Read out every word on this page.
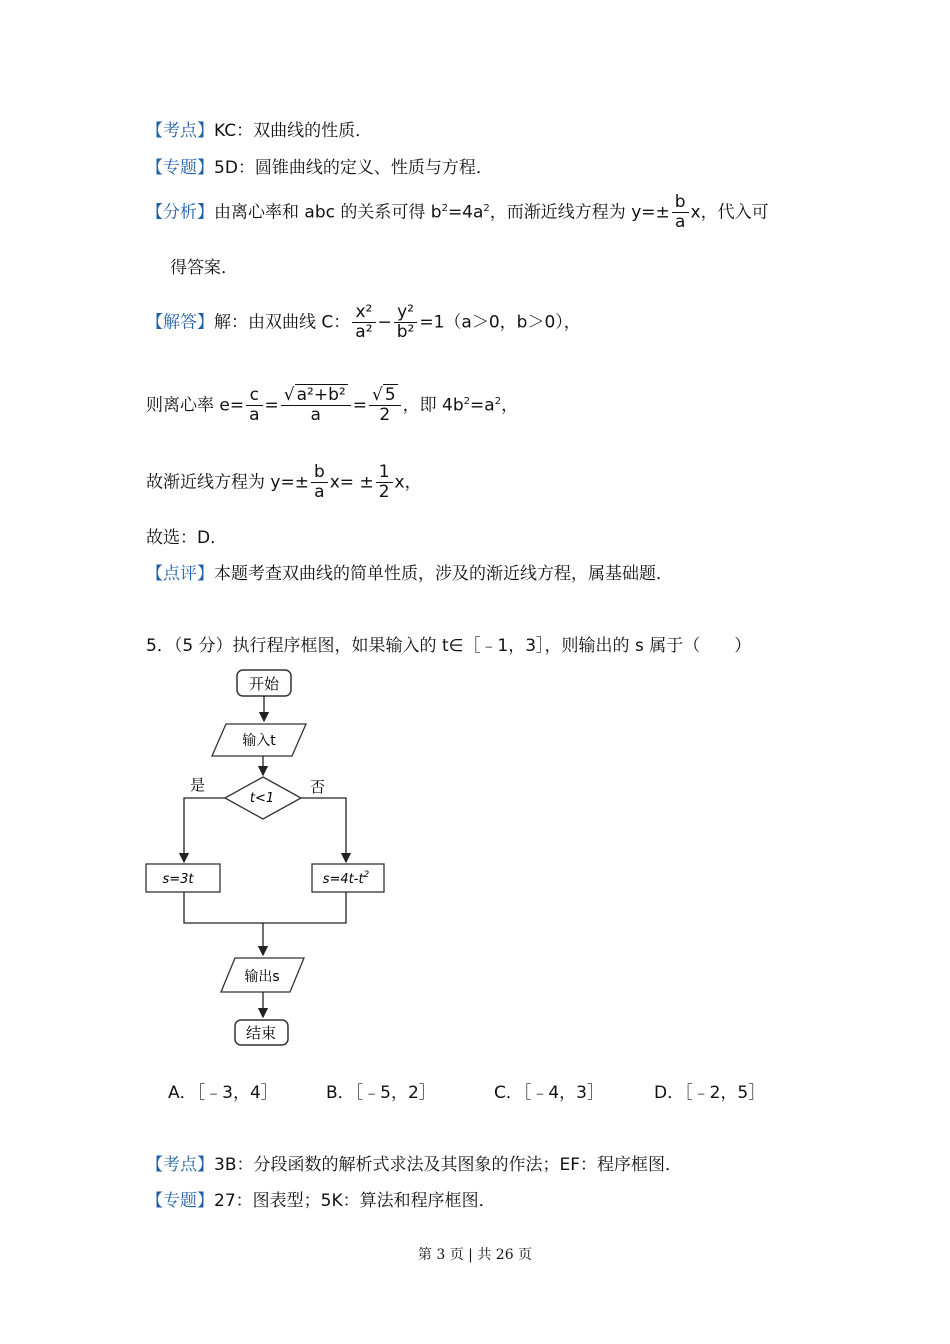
【考点】KC：双曲线的性质．
【专题】5D：圆锥曲线的定义、性质与方程．
【分析】由离心率和 abc 的关系可得 $b^2=4a^2$，而渐近线方程为 $y=\pm \frac{b}{a}$ x，代入可
得答案．
【解答】解：由双曲线 C： $\frac{\text{x²}}{\text{a²}} - \frac{\text{y²}}{\text{b²}} =1(a>0$，b＞0），
则离心率 $e= \frac{c}{a} = \frac{\text{√ a²+b²}}{a} = \frac{√ 5}{2}$ ，即 $4b^2=a^2$，
故渐近线方程为 $y=\pm \frac{b}{a} x= \pm \frac{1}{2}$ x，
故选：D．
【点评】本题考查双曲线的简单性质，涉及的渐近线方程，属基础题．
5．（5 分）执行程序框图，如果输入的 t∈［﹣1，3］，则输出的 s 属于（　　）
开始
输入t
t<1
是	否
s=3t	$s=4t-t^2$
输出s
结束
A．［﹣3，4］	B．［﹣5，2］	C．［﹣4，3］	D．［﹣2，5］
【考点】3B：分段函数的解析式求法及其图象的作法；EF：程序框图．
【专题】27：图表型；5K：算法和程序框图．
第 3 页 | 共 26 页
